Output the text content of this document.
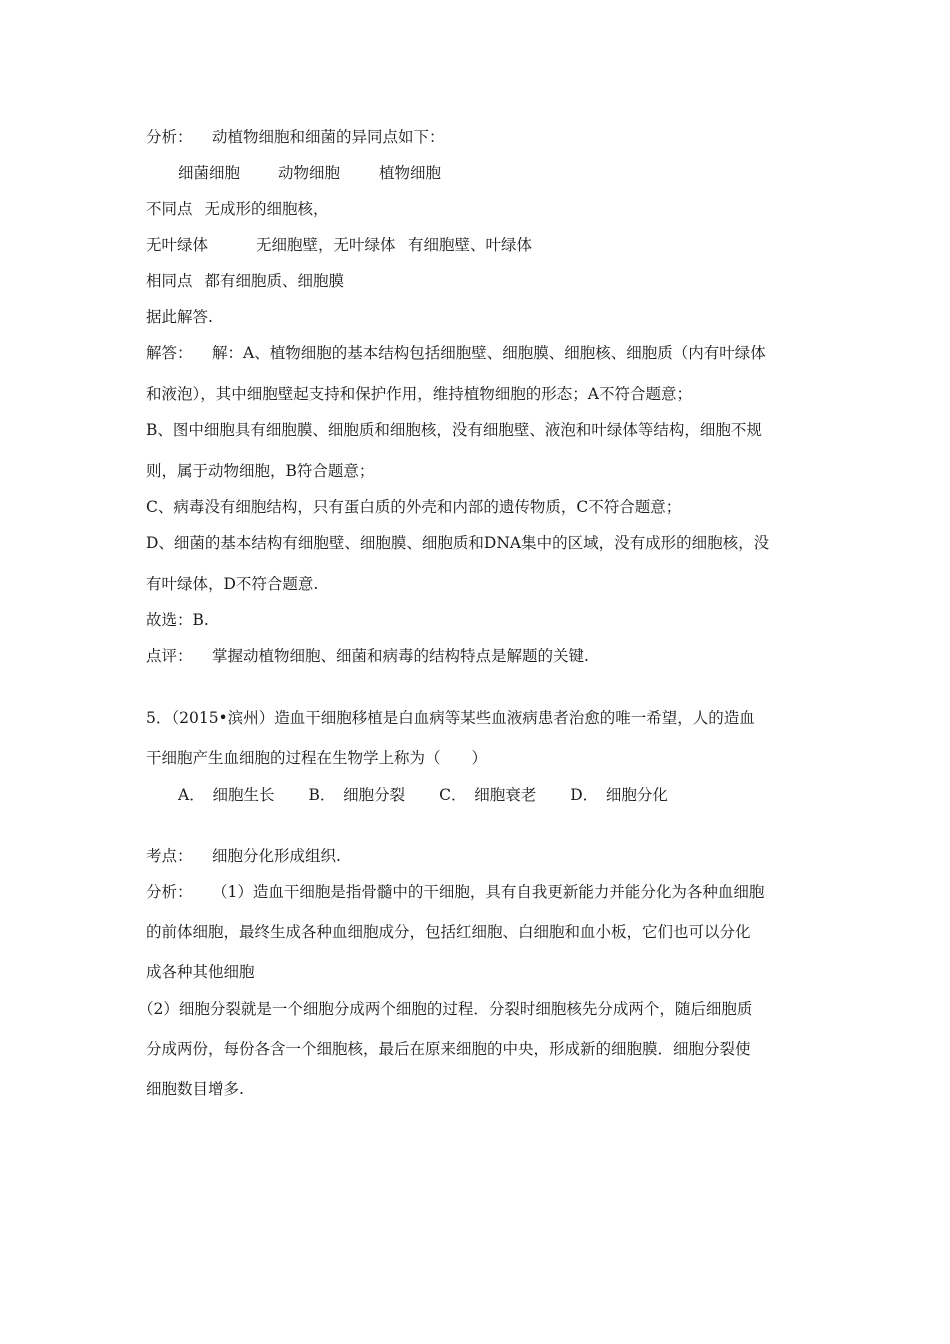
分析： 动植物细胞和细菌的异同点如下：
细菌细胞 动物细胞	植物细胞
不同点 无成形的细胞核，
无叶绿体	无细胞壁，无叶绿体 有细胞壁、叶绿体
相同点 都有细胞质、细胞膜
据此解答.
解答： 解：A、植物细胞的基本结构包括细胞壁、细胞膜、细胞核、细胞质（内有叶绿体
和液泡），其中细胞壁起支持和保护作用，维持植物细胞的形态；A不符合题意；
B、图中细胞具有细胞膜、细胞质和细胞核，没有细胞壁、液泡和叶绿体等结构，细胞不规
则，属于动物细胞，B符合题意；
C、病毒没有细胞结构，只有蛋白质的外壳和内部的遗传物质，C不符合题意；
D、细菌的基本结构有细胞壁、细胞膜、细胞质和DNA集中的区域，没有成形的细胞核，没
有叶绿体，D不符合题意.
故选：B.
点评： 掌握动植物细胞、细菌和病毒的结构特点是解题的关键.
5．（2015•滨州）造血干细胞移植是白血病等某些血液病患者治愈的唯一希望，人的造血
干细胞产生血细胞的过程在生物学上称为（　　）
A．　细胞生长 B．　细胞分裂 C．　细胞衰老 D．　细胞分化
考点： 细胞分化形成组织.
分析： （1）造血干细胞是指骨髓中的干细胞，具有自我更新能力并能分化为各种血细胞
的前体细胞，最终生成各种血细胞成分，包括红细胞、白细胞和血小板，它们也可以分化
成各种其他细胞
（2）细胞分裂就是一个细胞分成两个细胞的过程．分裂时细胞核先分成两个，随后细胞质
分成两份，每份各含一个细胞核，最后在原来细胞的中央，形成新的细胞膜．细胞分裂使
细胞数目增多.
